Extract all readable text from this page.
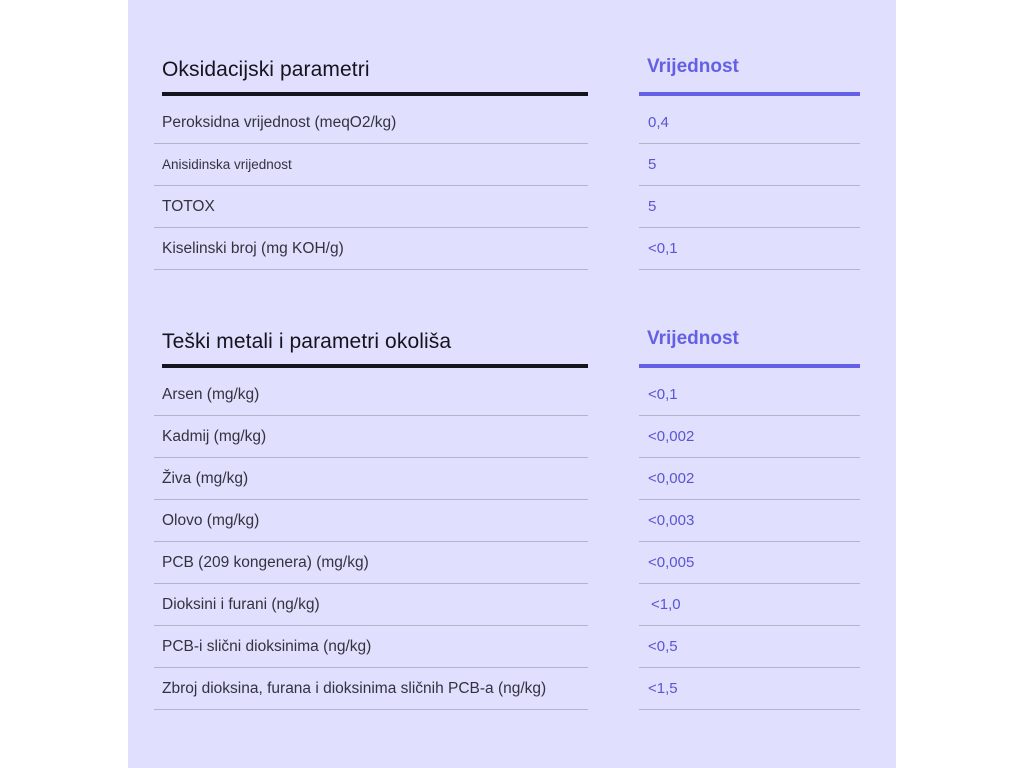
Oksidacijski parametri	Vrijednost
Peroksidna vrijednost (meqO2/kg)
Anisidinska vrijednost
TOTOX
Kiselinski broj (mg KOH/g)
0,4
5
5
<0,1
Teški metali i parametri okoliša	Vrijednost
Arsen (mg/kg)
Kadmij (mg/kg)
Živa (mg/kg)
Olovo (mg/kg)
PCB (209 kongenera) (mg/kg)
Dioksini i furani (ng/kg)
PCB-i slični dioksinima (ng/kg)
Zbroj dioksina, furana i dioksinima sličnih PCB-a (ng/kg)
<0,1
<0,002
<0,002
<0,003
<0,005
<1,0
<0,5
<1,5
